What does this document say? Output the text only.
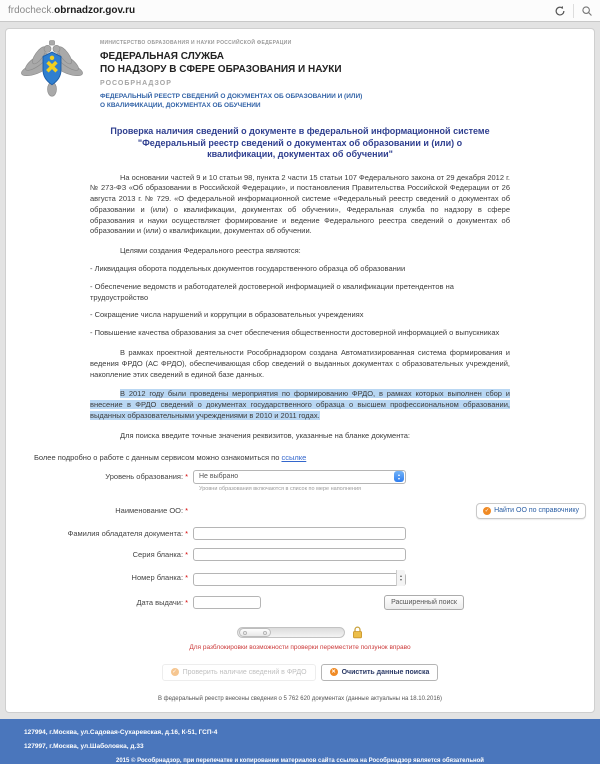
frdocheck.obrnadzor.gov.ru
МИНИСТЕРСТВО ОБРАЗОВАНИЯ И НАУКИ РОССИЙСКОЙ ФЕДЕРАЦИИ
ФЕДЕРАЛЬНАЯ СЛУЖБА
ПО НАДЗОРУ В СФЕРЕ ОБРАЗОВАНИЯ И НАУКИ
РОСОБРНАДЗОР
ФЕДЕРАЛЬНЫЙ РЕЕСТР СВЕДЕНИЙ О ДОКУМЕНТАХ ОБ ОБРАЗОВАНИИ И (ИЛИ)
О КВАЛИФИКАЦИИ, ДОКУМЕНТАХ ОБ ОБУЧЕНИИ
Проверка наличия сведений о документе в федеральной информационной системе "Федеральный реестр сведений о документах об образовании и (или) о квалификации, документах об обучении"

На основании частей 9 и 10 статьи 98, пункта 2 части 15 статьи 107 Федерального закона от 29 декабря 2012 г. № 273-ФЗ «Об образовании в Российской Федерации», и постановления Правительства Российской Федерации от 26 августа 2013 г. № 729. «О федеральной информационной системе «Федеральный реестр сведений о документах об образовании и (или) о квалификации, документах об обучении», Федеральная служба по надзору в сфере образования и науки осуществляет формирование и ведение Федерального реестра сведений о документах об образовании и (или) о квалификации, документах об обучении.

Целями создания Федерального реестра являются:

- Ликвидация оборота поддельных документов государственного образца об образовании

- Обеспечение ведомств и работодателей достоверной информацией о квалификации претендентов на трудоустройство

- Сокращение числа нарушений и коррупции в образовательных учреждениях

- Повышение качества образования за счет обеспечения общественности достоверной информацией о выпускниках

В рамках проектной деятельности Рособрнадзором создана Автоматизированная система формирования и ведения ФРДО (АС ФРДО), обеспечивающая сбор сведений о выданных документах с образовательных учреждений, накопление этих сведений в единой базе данных.

В 2012 году были проведены мероприятия по формированию ФРДО, в рамках которых выполнен сбор и внесение в ФРДО сведений о документах государственного образца о высшем профессиональном образовании, выданных образовательными учреждениями в 2010 и 2011 годах.

Для поиска введите точные значения реквизитов, указанные на бланке документа:

Более подробно о работе с данным сервисом можно ознакомиться по ссылке
Уровень образования: * Не выбрано	▲
▼
Уровни образования включаются в список по мере наполнения
Наименование ОО: *	✓ Найти ОО по справочнику
Фамилия обладателя документа: *
Серия бланка: *
Номер бланка: *	▲
▼
Дата выдачи: *	Расширенный поиск
Для разблокировки возможности проверки переместите ползунок вправо
✓ Проверить наличие сведений в ФРДО	✕ Очистить данные поиска
В федеральный реестр внесены сведения о 5 762 620 документах (данные актуальны на 18.10.2016)
127994, г.Москва, ул.Садовая-Сухаревская, д.16, К-51, ГСП-4
127997, г.Москва, ул.Шаболовка, д.33
2015 © Рособрнадзор, при перепечатке и копировании материалов сайта ссылка на Рособрнадзор является обязательной
